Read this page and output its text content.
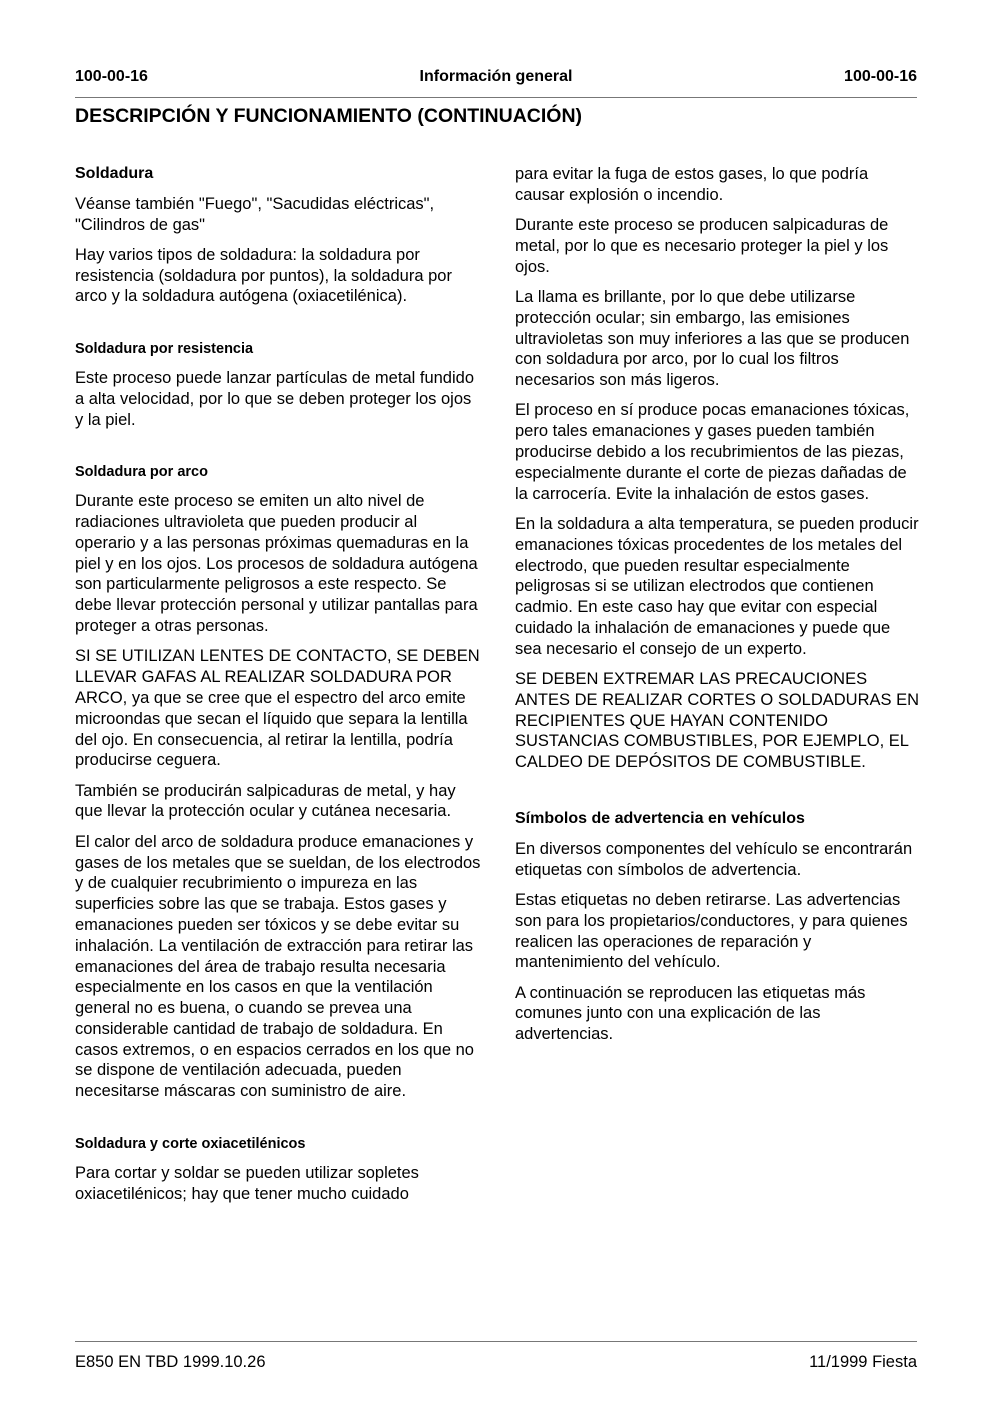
100-00-16	Información general	100-00-16
DESCRIPCIÓN Y FUNCIONAMIENTO (CONTINUACIÓN)
Soldadura

Véanse también "Fuego", "Sacudidas eléctricas", "Cilindros de gas"

Hay varios tipos de soldadura: la soldadura por resistencia (soldadura por puntos), la soldadura por arco y la soldadura autógena (oxiacetilénica).

Soldadura por resistencia

Este proceso puede lanzar partículas de metal fundido a alta velocidad, por lo que se deben proteger los ojos y la piel.

Soldadura por arco

Durante este proceso se emiten un alto nivel de radiaciones ultravioleta que pueden producir al operario y a las personas próximas quemaduras en la piel y en los ojos. Los procesos de soldadura autógena son particularmente peligrosos a este respecto. Se debe llevar protección personal y utilizar pantallas para proteger a otras personas.

SI SE UTILIZAN LENTES DE CONTACTO, SE DEBEN LLEVAR GAFAS AL REALIZAR SOLDADURA POR ARCO, ya que se cree que el espectro del arco emite microondas que secan el líquido que separa la lentilla del ojo. En consecuencia, al retirar la lentilla, podría producirse ceguera.

También se producirán salpicaduras de metal, y hay que llevar la protección ocular y cutánea necesaria.

El calor del arco de soldadura produce emanaciones y gases de los metales que se sueldan, de los electrodos y de cualquier recubrimiento o impureza en las superficies sobre las que se trabaja. Estos gases y emanaciones pueden ser tóxicos y se debe evitar su inhalación. La ventilación de extracción para retirar las emanaciones del área de trabajo resulta necesaria especialmente en los casos en que la ventilación general no es buena, o cuando se prevea una considerable cantidad de trabajo de soldadura. En casos extremos, o en espacios cerrados en los que no se dispone de ventilación adecuada, pueden necesitarse máscaras con suministro de aire.

Soldadura y corte oxiacetilénicos

Para cortar y soldar se pueden utilizar sopletes oxiacetilénicos; hay que tener mucho cuidado

para evitar la fuga de estos gases, lo que podría causar explosión o incendio.

Durante este proceso se producen salpicaduras de metal, por lo que es necesario proteger la piel y los ojos.

La llama es brillante, por lo que debe utilizarse protección ocular; sin embargo, las emisiones ultravioletas son muy inferiores a las que se producen con soldadura por arco, por lo cual los filtros necesarios son más ligeros.

El proceso en sí produce pocas emanaciones tóxicas, pero tales emanaciones y gases pueden también producirse debido a los recubrimientos de las piezas, especialmente durante el corte de piezas dañadas de la carrocería. Evite la inhalación de estos gases.

En la soldadura a alta temperatura, se pueden producir emanaciones tóxicas procedentes de los metales del electrodo, que pueden resultar especialmente peligrosas si se utilizan electrodos que contienen cadmio. En este caso hay que evitar con especial cuidado la inhalación de emanaciones y puede que sea necesario el consejo de un experto.

SE DEBEN EXTREMAR LAS PRECAUCIONES ANTES DE REALIZAR CORTES O SOLDADURAS EN RECIPIENTES QUE HAYAN CONTENIDO SUSTANCIAS COMBUSTIBLES, POR EJEMPLO, EL CALDEO DE DEPÓSITOS DE COMBUSTIBLE.

Símbolos de advertencia en vehículos

En diversos componentes del vehículo se encontrarán etiquetas con símbolos de advertencia.

Estas etiquetas no deben retirarse. Las advertencias son para los propietarios/conductores, y para quienes realicen las operaciones de reparación y mantenimiento del vehículo.

A continuación se reproducen las etiquetas más comunes junto con una explicación de las advertencias.

E850 EN TBD 1999.10.26	11/1999 Fiesta
